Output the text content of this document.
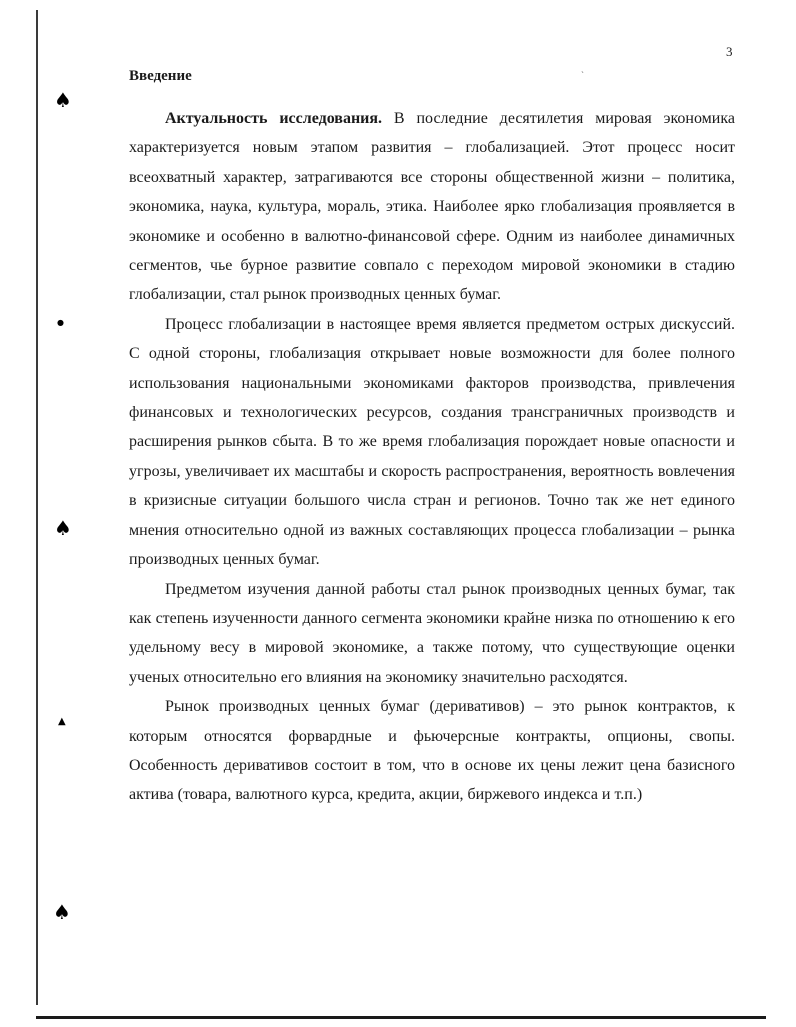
♠
●
♠
▲
♠
`
3
Введение

Актуальность исследования. В последние десятилетия мировая экономика характеризуется новым этапом развития – глобализацией. Этот процесс носит всеохватный характер, затрагиваются все стороны общественной жизни – политика, экономика, наука, культура, мораль, этика. Наиболее ярко глобализация проявляется в экономике и особенно в валютно-финансовой сфере. Одним из наиболее динамичных сегментов, чье бурное развитие совпало с переходом мировой экономики в стадию глобализации, стал рынок производных ценных бумаг.

Процесс глобализации в настоящее время является предметом острых дискуссий. С одной стороны, глобализация открывает новые возможности для более полного использования национальными экономиками факторов производства, привлечения финансовых и технологических ресурсов, создания трансграничных производств и расширения рынков сбыта. В то же время глобализация порождает новые опасности и угрозы, увеличивает их масштабы и скорость распространения, вероятность вовлечения в кризисные ситуации большого числа стран и регионов. Точно так же нет единого мнения относительно одной из важных составляющих процесса глобализации – рынка производных ценных бумаг.

Предметом изучения данной работы стал рынок производных ценных бумаг, так как степень изученности данного сегмента экономики крайне низка по отношению к его удельному весу в мировой экономике, а также потому, что существующие оценки ученых относительно его влияния на экономику значительно расходятся.

Рынок производных ценных бумаг (деривативов) – это рынок контрактов, к которым относятся форвардные и фьючерсные контракты, опционы, свопы. Особенность деривативов состоит в том, что в основе их цены лежит цена базисного актива (товара, валютного курса, кредита, акции, биржевого индекса и т.п.)
